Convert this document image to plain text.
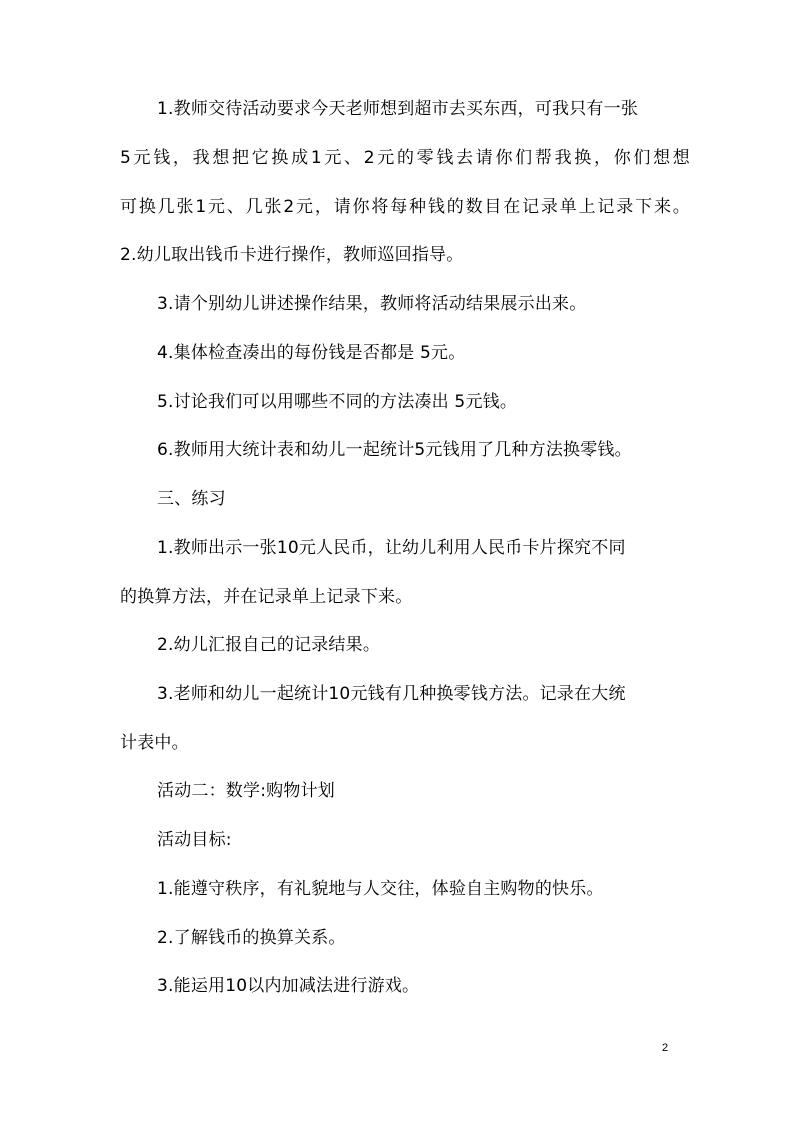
1.教师交待活动要求今天老师想到超市去买东西，可我只有一张
5元钱，我想把它换成1元、2元的零钱去请你们帮我换，你们想想
可换几张1元、几张2元，请你将每种钱的数目在记录单上记录下来。
2.幼儿取出钱币卡进行操作，教师巡回指导。
3.请个别幼儿讲述操作结果，教师将活动结果展示出来。
4.集体检查凑出的每份钱是否都是 5元。
5.讨论我们可以用哪些不同的方法凑出 5元钱。
6.教师用大统计表和幼儿一起统计5元钱用了几种方法换零钱。
三、练习
1.教师出示一张10元人民币，让幼儿利用人民币卡片探究不同
的换算方法，并在记录单上记录下来。
2.幼儿汇报自己的记录结果。
3.老师和幼儿一起统计10元钱有几种换零钱方法。记录在大统
计表中。
活动二：数学:购物计划
活动目标:
1.能遵守秩序，有礼貌地与人交往，体验自主购物的快乐。
2.了解钱币的换算关系。
3.能运用10以内加减法进行游戏。
2
